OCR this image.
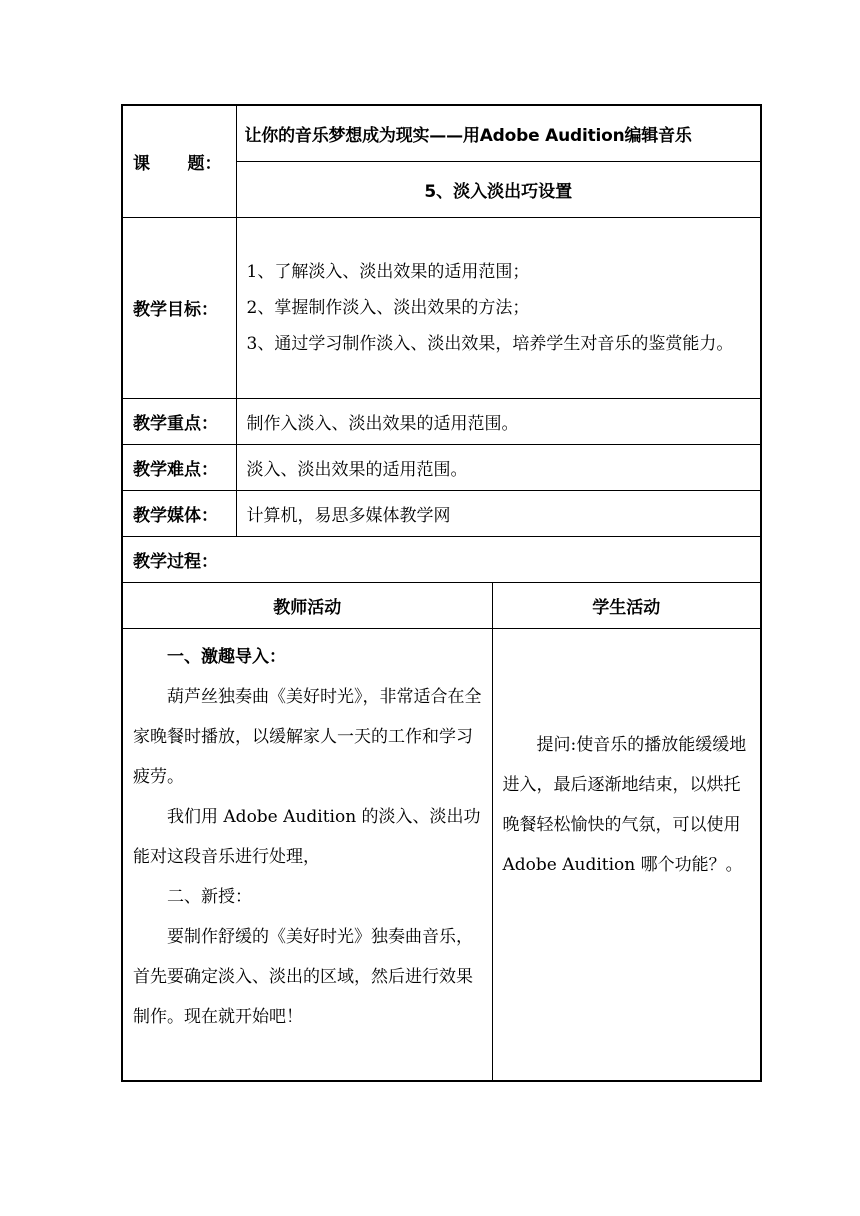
课 题：	让你的音乐梦想成为现实——用Adobe Audition编辑音乐	
	5、淡入淡出巧设置	
教学目标：	1、了解淡入、淡出效果的适用范围；

2、掌握制作淡入、淡出效果的方法；

3、通过学习制作淡入、淡出效果，培养学生对音乐的鉴赏能力。	

教学重点：	制作入淡入、淡出效果的适用范围。	
教学难点：	淡入、淡出效果的适用范围。	
教学媒体：	计算机，易思多媒体教学网	
教学过程：		
教师活动		学生活动

一、激趣导入：

葫芦丝独奏曲《美好时光》，非常适合在全家晚餐时播放，以缓解家人一天的工作和学习疲劳。

我们用 Adobe Audition 的淡入、淡出功能对这段音乐进行处理，

二、新授：

要制作舒缓的《美好时光》独奏曲音乐，首先要确定淡入、淡出的区域，然后进行效果制作。现在就开始吧！		提问:使音乐的播放能缓缓地进入，最后逐渐地结束，以烘托晚餐轻松愉快的气氛，可以使用 Adobe Audition 哪个功能？。
